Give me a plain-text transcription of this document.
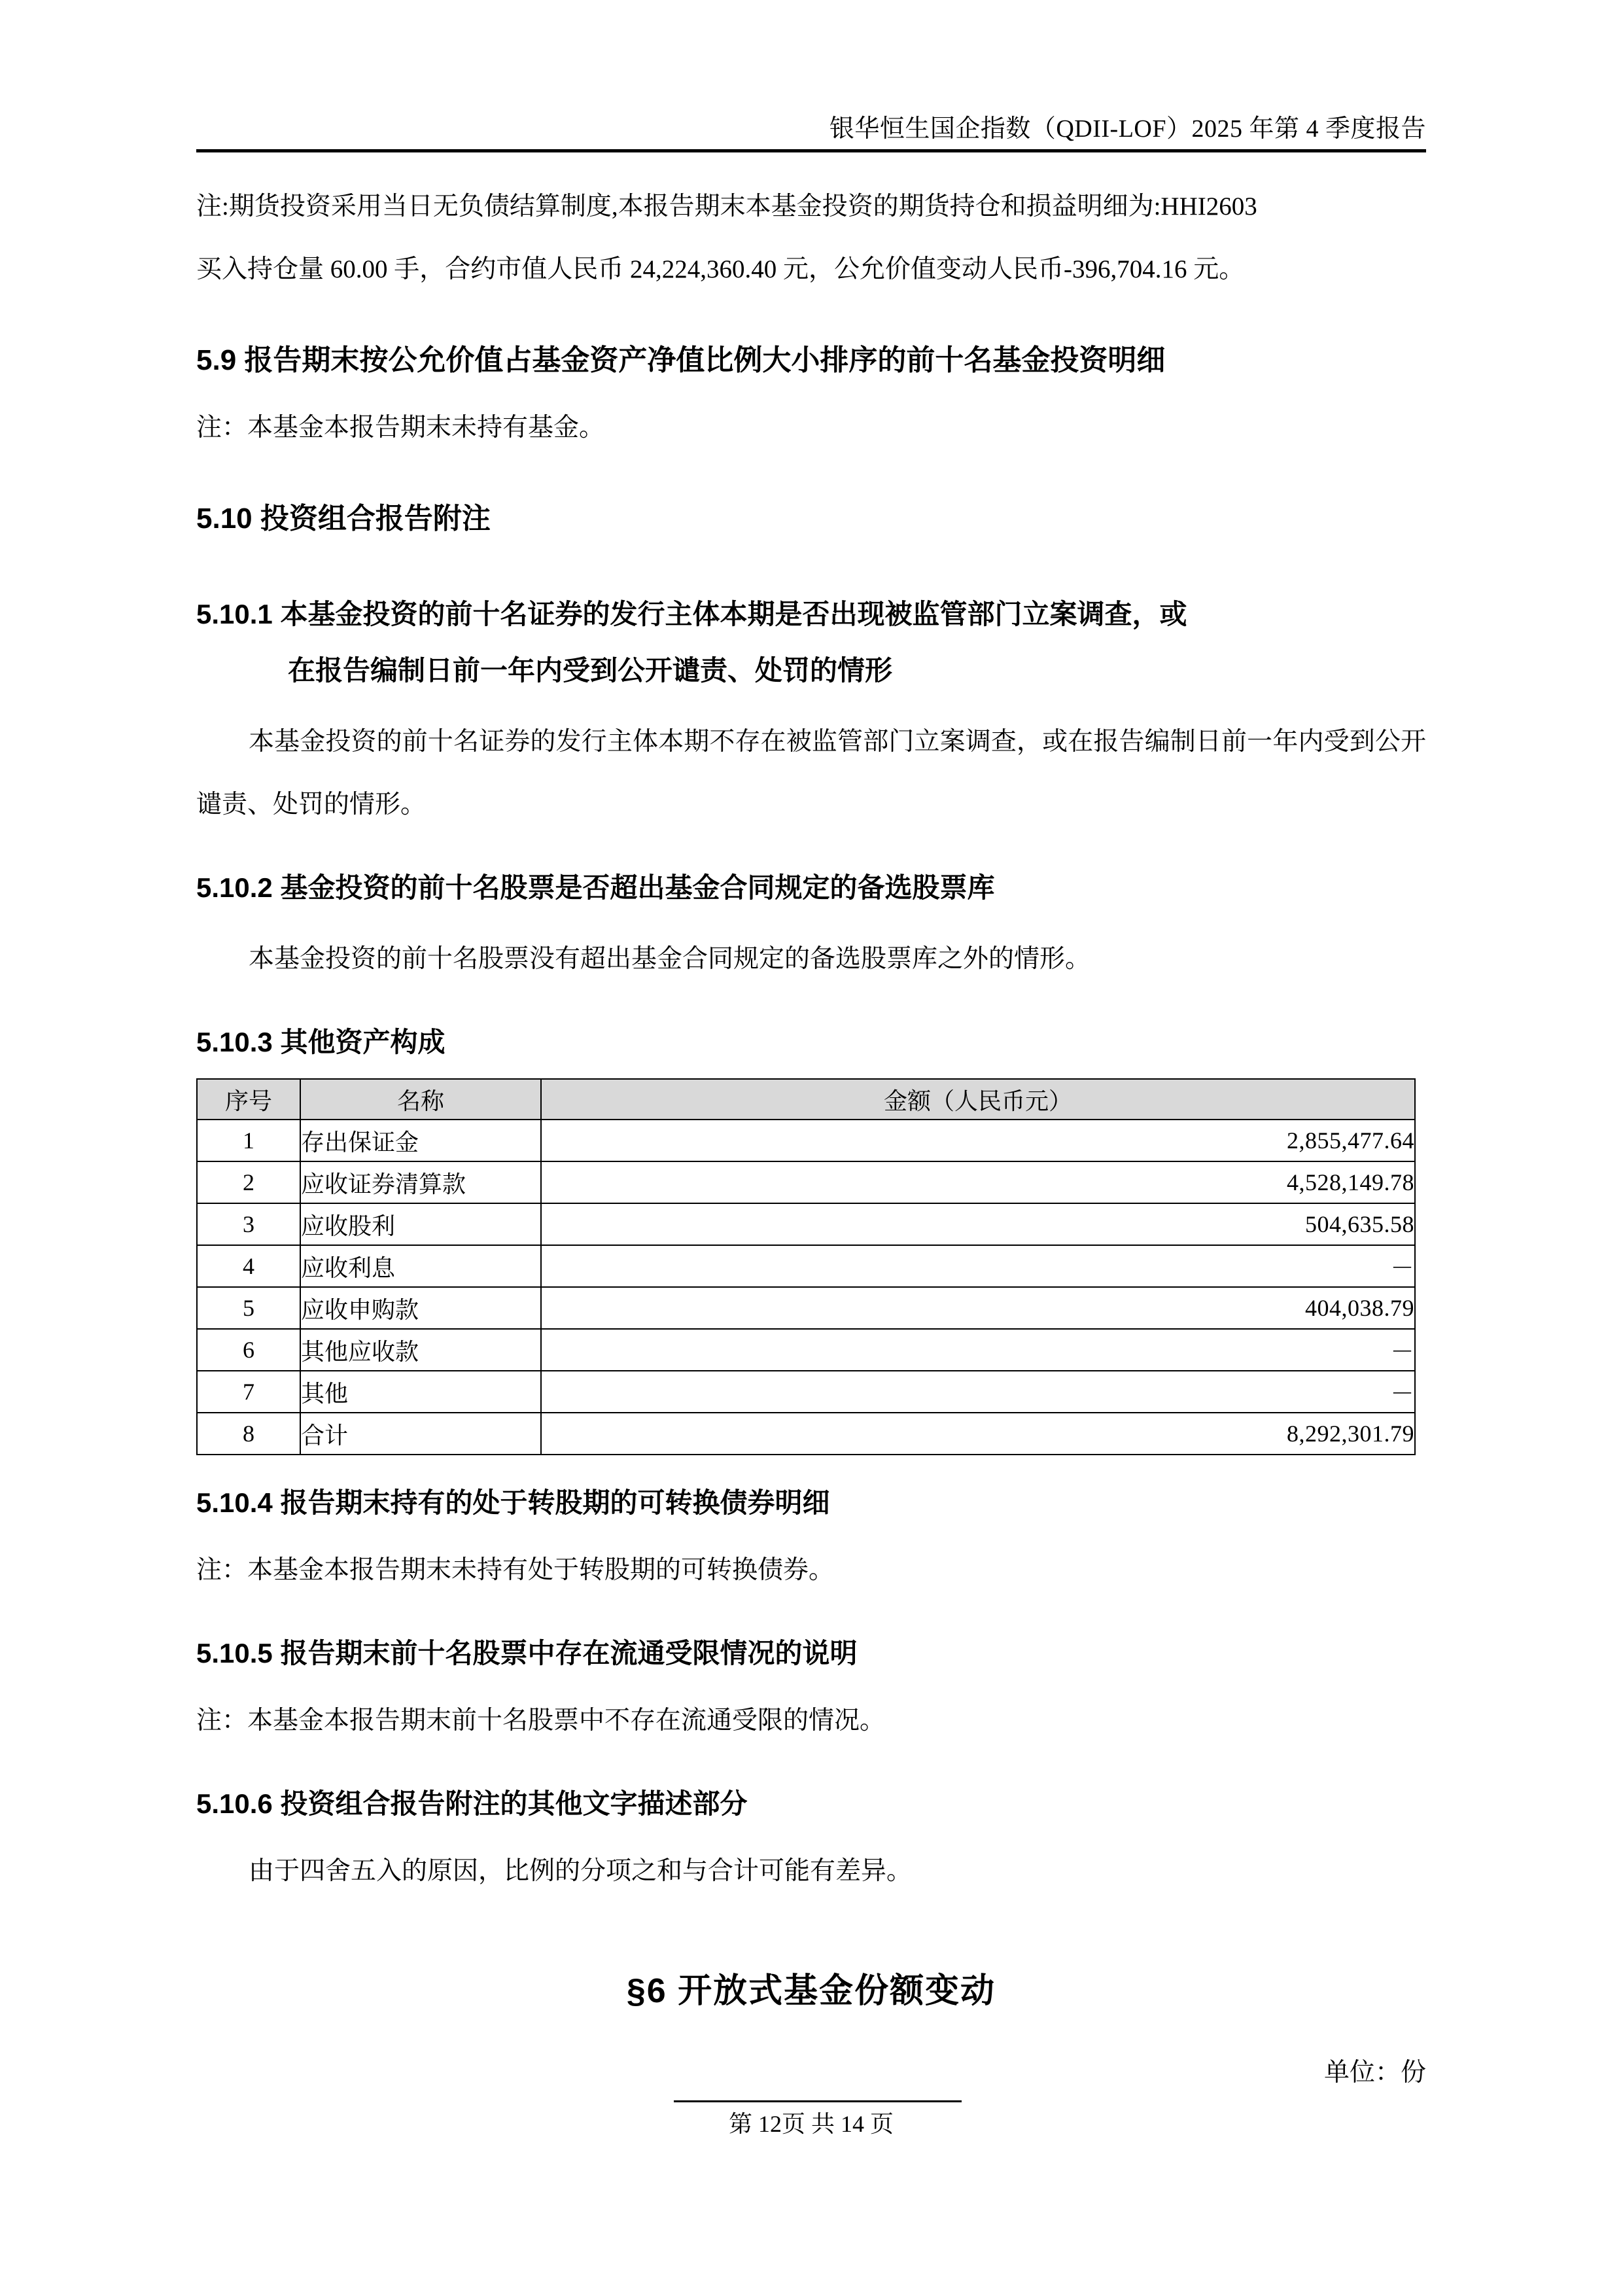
银华恒生国企指数（QDII-LOF）2025 年第 4 季度报告

注:期货投资采用当日无负债结算制度,本报告期末本基金投资的期货持仓和损益明细为:HHI2603

买入持仓量 60.00 手，合约市值人民币 24,224,360.40 元，公允价值变动人民币-396,704.16 元。

5.9 报告期末按公允价值占基金资产净值比例大小排序的前十名基金投资明细

注：本基金本报告期末未持有基金。

5.10 投资组合报告附注

5.10.1 本基金投资的前十名证券的发行主体本期是否出现被监管部门立案调查，或

在报告编制日前一年内受到公开谴责、处罚的情形

本基金投资的前十名证券的发行主体本期不存在被监管部门立案调查，或在报告编制日前一年内受到公开谴责、处罚的情形。

5.10.2 基金投资的前十名股票是否超出基金合同规定的备选股票库

本基金投资的前十名股票没有超出基金合同规定的备选股票库之外的情形。

5.10.3 其他资产构成

序号	名称	金额（人民币元）
1	存出保证金	2,855,477.64
2	应收证券清算款	4,528,149.78
3	应收股利	504,635.58
4	应收利息	－
5	应收申购款	404,038.79
6	其他应收款	－
7	其他	－
8	合计	8,292,301.79

5.10.4 报告期末持有的处于转股期的可转换债券明细

注：本基金本报告期末未持有处于转股期的可转换债券。

5.10.5 报告期末前十名股票中存在流通受限情况的说明

注：本基金本报告期末前十名股票中不存在流通受限的情况。

5.10.6 投资组合报告附注的其他文字描述部分

由于四舍五入的原因，比例的分项之和与合计可能有差异。

§6 开放式基金份额变动

单位：份

第 12页 共 14 页
